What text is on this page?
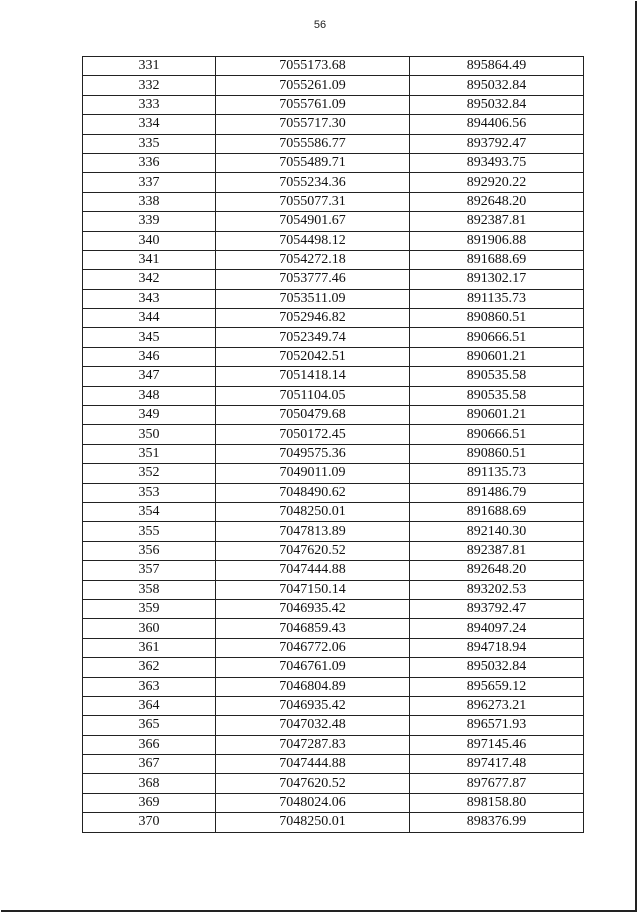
56
331	7055173.68	895864.49
332	7055261.09	895032.84
333	7055761.09	895032.84
334	7055717.30	894406.56
335	7055586.77	893792.47
336	7055489.71	893493.75
337	7055234.36	892920.22
338	7055077.31	892648.20
339	7054901.67	892387.81
340	7054498.12	891906.88
341	7054272.18	891688.69
342	7053777.46	891302.17
343	7053511.09	891135.73
344	7052946.82	890860.51
345	7052349.74	890666.51
346	7052042.51	890601.21
347	7051418.14	890535.58
348	7051104.05	890535.58
349	7050479.68	890601.21
350	7050172.45	890666.51
351	7049575.36	890860.51
352	7049011.09	891135.73
353	7048490.62	891486.79
354	7048250.01	891688.69
355	7047813.89	892140.30
356	7047620.52	892387.81
357	7047444.88	892648.20
358	7047150.14	893202.53
359	7046935.42	893792.47
360	7046859.43	894097.24
361	7046772.06	894718.94
362	7046761.09	895032.84
363	7046804.89	895659.12
364	7046935.42	896273.21
365	7047032.48	896571.93
366	7047287.83	897145.46
367	7047444.88	897417.48
368	7047620.52	897677.87
369	7048024.06	898158.80
370	7048250.01	898376.99
